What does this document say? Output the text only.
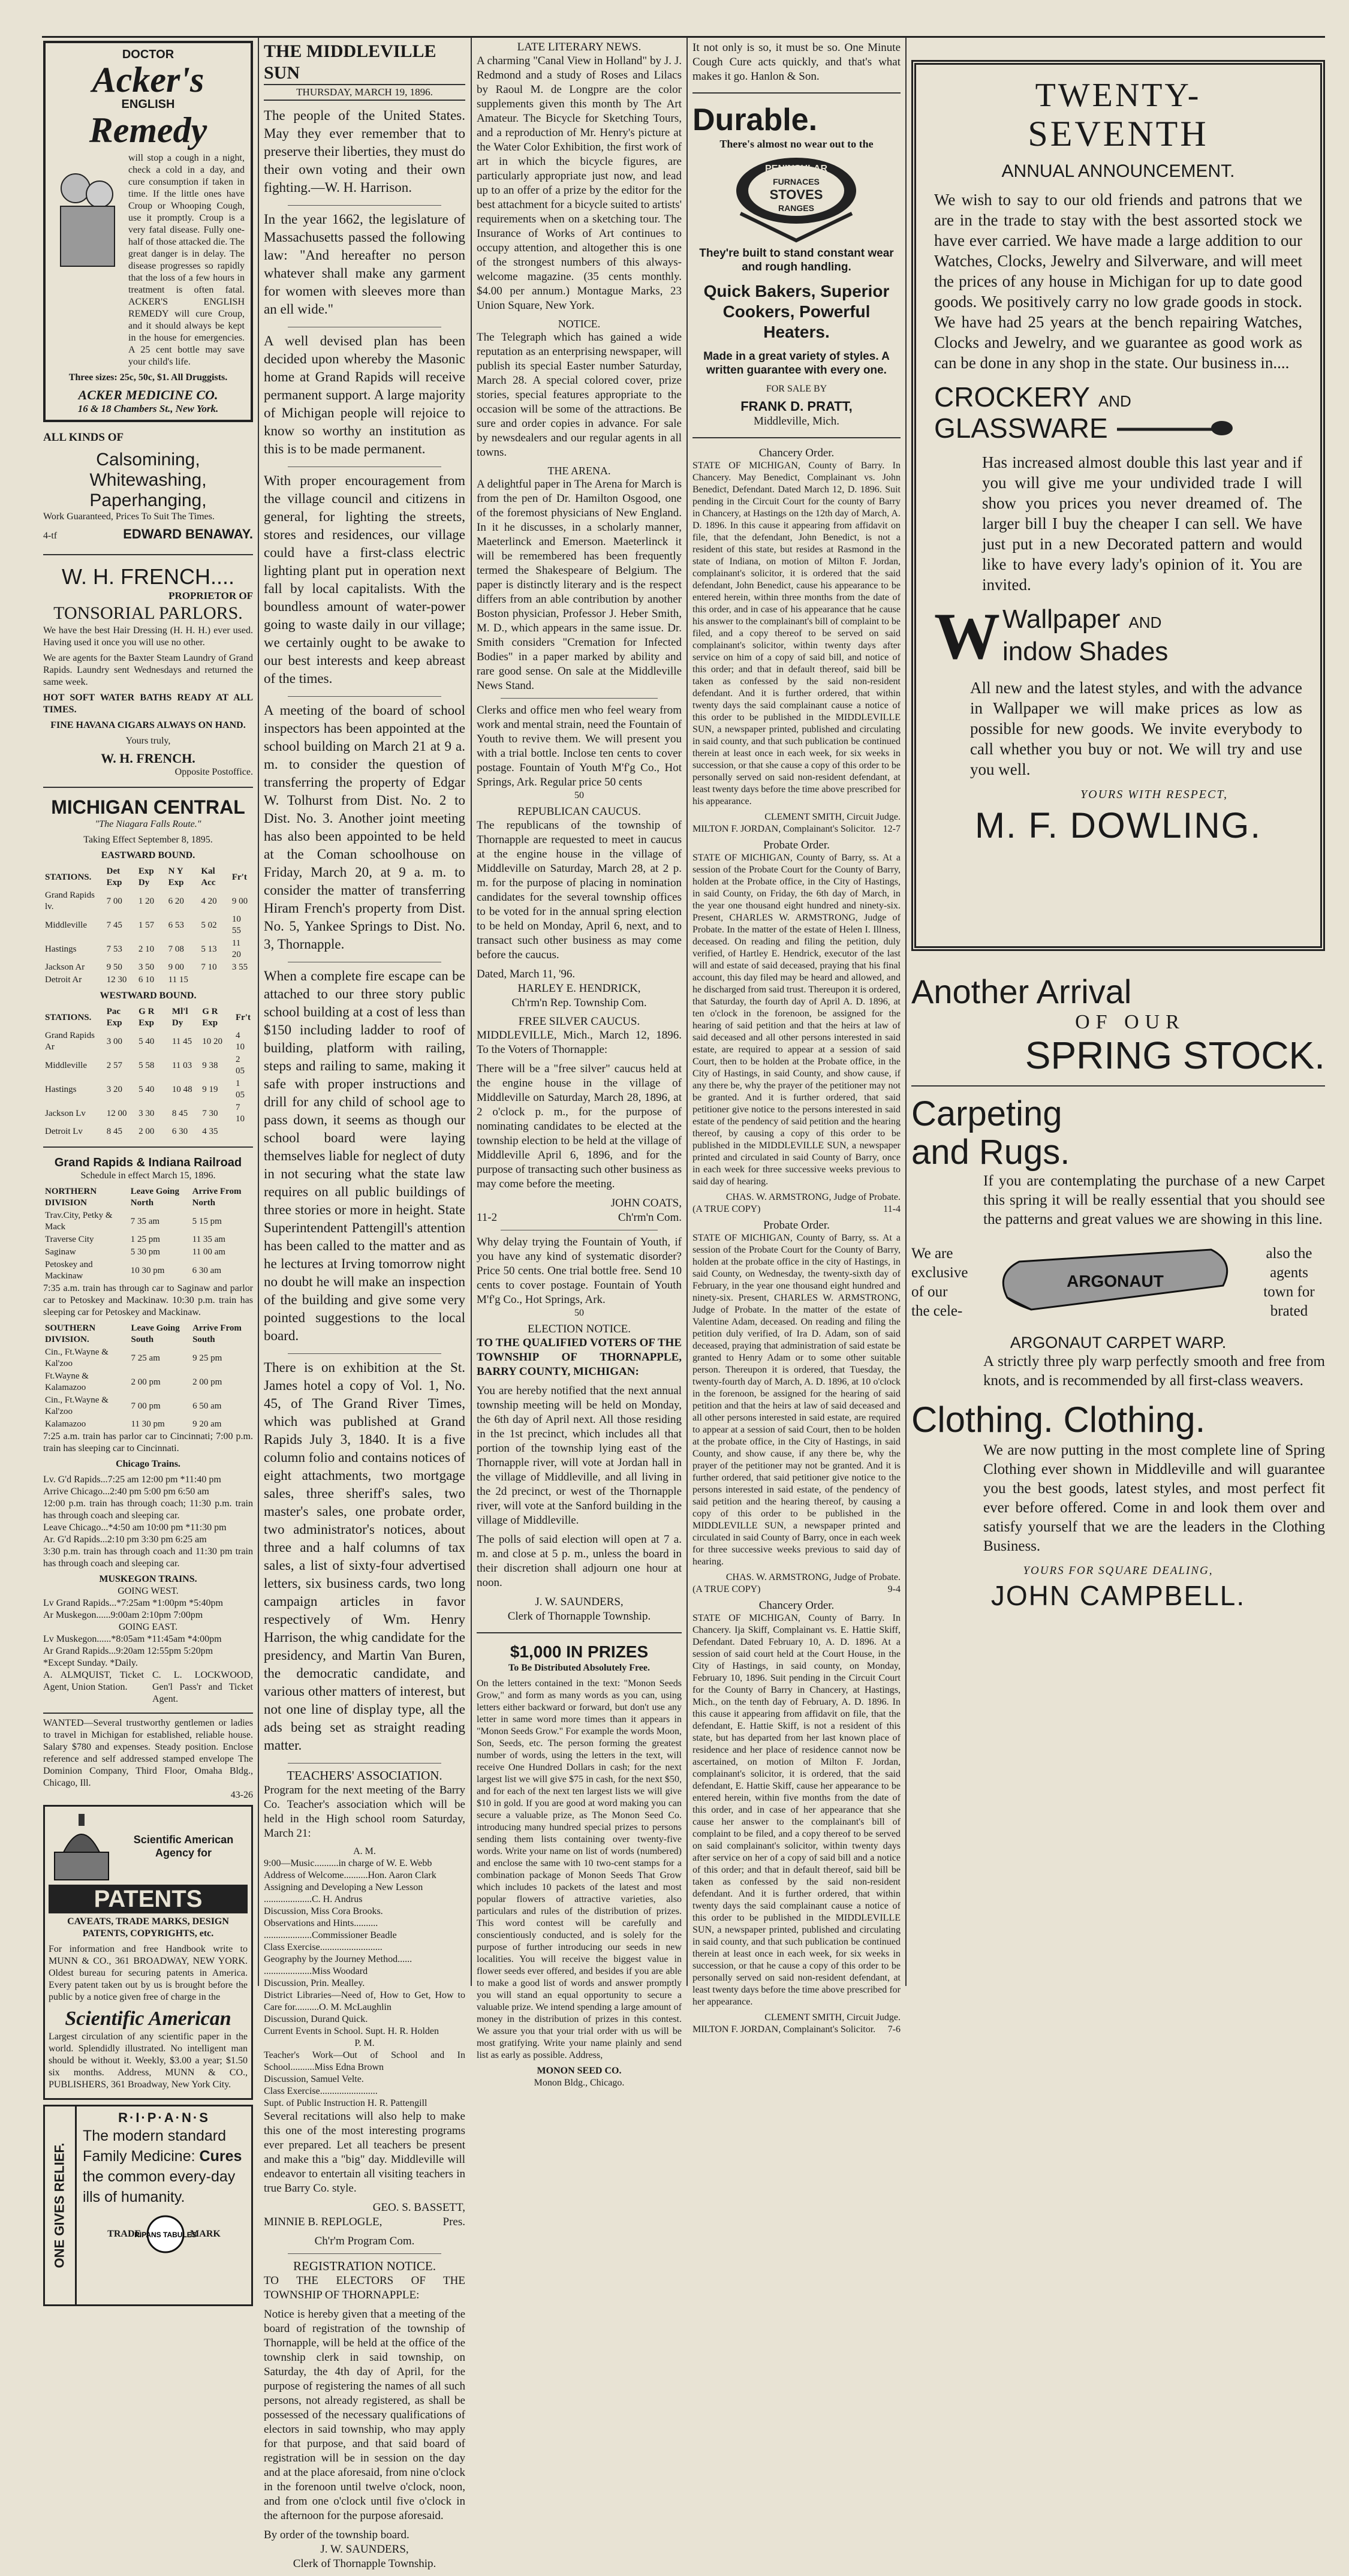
DOCTOR
Acker's
ENGLISH
Remedy

will stop a cough in a night, check a cold in a day, and cure consumption if taken in time. If the little ones have Croup or Whooping Cough, use it promptly. Croup is a very fatal disease. Fully one-half of those attacked die. The great danger is in delay. The disease progresses so rapidly that the loss of a few hours in treatment is often fatal. ACKER'S ENGLISH REMEDY will cure Croup, and it should always be kept in the house for emergencies. A 25 cent bottle may save your child's life.

Three sizes: 25c, 50c, $1. All Druggists.

ACKER MEDICINE CO.
16 & 18 Chambers St., New York.
ALL KINDS OF
Calsomining,
Whitewashing,
Paperhanging,
Work Guaranteed, Prices To Suit The Times.
4-tf	EDWARD BENAWAY.
W. H. FRENCH....
PROPRIETOR OF
TONSORIAL PARLORS.

We have the best Hair Dressing (H. H. H.) ever used. Having used it once you will use no other.

We are agents for the Baxter Steam Laundry of Grand Rapids. Laundry sent Wednesdays and returned the same week.

HOT SOFT WATER BATHS READY AT ALL TIMES.

FINE HAVANA CIGARS ALWAYS ON HAND.

Yours truly,
W. H. FRENCH.
Opposite Postoffice.
MICHIGAN CENTRAL
"The Niagara Falls Route."
Taking Effect September 8, 1895.
EASTWARD BOUND.
STATIONS.	Det Exp	Exp Dy	N Y Exp	Kal Acc	Fr't
Grand Rapids lv.	7 00	1 20	6 20	4 20	9 00
Middleville	7 45	1 57	6 53	5 02	10 55
Hastings	7 53	2 10	7 08	5 13	11 20
Jackson Ar	9 50	3 50	9 00	7 10	3 55
Detroit Ar	12 30	6 10	11 15		
WESTWARD BOUND.
STATIONS.	Pac Exp	G R Exp	Ml'l Dy	G R Exp	Fr't
Grand Rapids Ar	3 00	5 40	11 45	10 20	4 10
Middleville	2 57	5 58	11 03	9 38	2 05
Hastings	3 20	5 40	10 48	9 19	1 05
Jackson Lv	12 00	3 30	8 45	7 30	7 10
Detroit Lv	8 45	2 00	6 30	4 35	
Grand Rapids & Indiana Railroad
Schedule in effect March 15, 1896.
NORTHERN DIVISION	Leave Going North	Arrive From North
Trav.City, Petky & Mack	7 35 am	5 15 pm
Traverse City	1 25 pm	11 35 am
Saginaw	5 30 pm	11 00 am
Petoskey and Mackinaw	10 30 pm	6 30 am

7:35 a.m. train has through car to Saginaw and parlor car to Petoskey and Mackinaw. 10:30 p.m. train has sleeping car for Petoskey and Mackinaw.

SOUTHERN DIVISION.	Leave Going South	Arrive From South
Cin., Ft.Wayne & Kal'zoo	7 25 am	9 25 pm
Ft.Wayne & Kalamazoo	2 00 pm	2 00 pm
Cin., Ft.Wayne & Kal'zoo	7 00 pm	6 50 am
Kalamazoo	11 30 pm	9 20 am

7:25 a.m. train has parlor car to Cincinnati; 7:00 p.m. train has sleeping car to Cincinnati.

Chicago Trains.
Lv. G'd Rapids...7:25 am 12:00 pm *11:40 pm
Arrive Chicago...2:40 pm 5:00 pm 6:50 am
12:00 p.m. train has through coach; 11:30 p.m. train has through coach and sleeping car.
Leave Chicago...*4:50 am 10:00 pm *11:30 pm
Ar. G'd Rapids...2:10 pm 3:30 pm 6:25 am
3:30 p.m. train has through coach and 11:30 pm train has through coach and sleeping car.
MUSKEGON TRAINS.
GOING WEST.
Lv Grand Rapids...*7:25am *1:00pm *5:40pm
Ar Muskegon......9:00am 2:10pm 7:00pm
GOING EAST.
Lv Muskegon......*8:05am *11:45am *4:00pm
Ar Grand Rapids...9:20am 12:55pm 5:20pm
*Except Sunday. *Daily.
A. ALMQUIST, Ticket Agent, Union Station.
C. L. LOCKWOOD, Gen'l Pass'r and Ticket Agent.

WANTED—Several trustworthy gentlemen or ladies to travel in Michigan for established, reliable house. Salary $780 and expenses. Steady position. Enclose reference and self addressed stamped envelope The Dominion Company, Third Floor, Omaha Bldg., Chicago, Ill.

43-26
Scientific American Agency for
PATENTS
CAVEATS, TRADE MARKS, DESIGN PATENTS, COPYRIGHTS, etc.

For information and free Handbook write to MUNN & CO., 361 BROADWAY, NEW YORK. Oldest bureau for securing patents in America. Every patent taken out by us is brought before the public by a notice given free of charge in the

Scientific American

Largest circulation of any scientific paper in the world. Splendidly illustrated. No intelligent man should be without it. Weekly, $3.00 a year; $1.50 six months. Address, MUNN & CO., PUBLISHERS, 361 Broadway, New York City.

ONE GIVES RELIEF.
R·I·P·A·N·S
The modern standard Family Medicine: Cures the common every-day ills of humanity.
TRADE
RIPANS TABULES
MARK
THE MIDDLEVILLE SUN
THURSDAY, MARCH 19, 1896.

The people of the United States. May they ever remember that to preserve their liberties, they must do their own voting and their own fighting.—W. H. Harrison.

In the year 1662, the legislature of Massachusetts passed the following law: "And hereafter no person whatever shall make any garment for women with sleeves more than an ell wide."

A well devised plan has been decided upon whereby the Masonic home at Grand Rapids will receive permanent support. A large majority of Michigan people will rejoice to know so worthy an institution as this is to be made permanent.

With proper encouragement from the village council and citizens in general, for lighting the streets, stores and residences, our village could have a first-class electric lighting plant put in operation next fall by local capitalists. With the boundless amount of water-power going to waste daily in our village; we certainly ought to be awake to our best interests and keep abreast of the times.

A meeting of the board of school inspectors has been appointed at the school building on March 21 at 9 a. m. to consider the question of transferring the property of Edgar W. Tolhurst from Dist. No. 2 to Dist. No. 3. Another joint meeting has also been appointed to be held at the Coman schoolhouse on Friday, March 20, at 9 a. m. to consider the matter of transferring Hiram French's property from Dist. No. 5, Yankee Springs to Dist. No. 3, Thornapple.

When a complete fire escape can be attached to our three story public school building at a cost of less than $150 including ladder to roof of building, platform with railing, steps and railing to same, making it safe with proper instructions and drill for any child of school age to pass down, it seems as though our school board were laying themselves liable for neglect of duty in not securing what the state law requires on all public buildings of three stories or more in height. State Superintendent Pattengill's attention has been called to the matter and as he lectures at Irving tomorrow night no doubt he will make an inspection of the building and give some very pointed suggestions to the local board.

There is on exhibition at the St. James hotel a copy of Vol. 1, No. 45, of The Grand River Times, which was published at Grand Rapids July 3, 1840. It is a five column folio and contains notices of eight attachments, two mortgage sales, three sheriff's sales, two master's sales, one probate order, two administrator's notices, about three and a half columns of tax sales, a list of sixty-four advertised letters, six business cards, two long campaign articles in favor respectively of Wm. Henry Harrison, the whig candidate for the presidency, and Martin Van Buren, the democratic candidate, and various other matters of interest, but not one line of display type, all the ads being set as straight reading matter.

TEACHERS' ASSOCIATION.

Program for the next meeting of the Barry Co. Teacher's association which will be held in the High school room Saturday, March 21:

A. M.
9:00—Music..........in charge of W. E. Webb
Address of Welcome..........Hon. Aaron Clark
Assigning and Developing a New Lesson
....................C. H. Andrus
Discussion, Miss Cora Brooks.
Observations and Hints..........
....................Commissioner Beadle
Class Exercise..........................
Geography by the Journey Method......
....................Miss Woodard
Discussion, Prin. Mealley.
District Libraries—Need of, How to Get, How to Care for..........O. M. McLaughlin
Discussion, Durand Quick.
Current Events in School. Supt. H. R. Holden
P. M.
Teacher's Work—Out of School and In School..........Miss Edna Brown
Discussion, Samuel Velte.
Class Exercise........................
Supt. of Public Instruction H. R. Pattengill

Several recitations will also help to make this one of the most interesting programs ever prepared. Let all teachers be present and make this a "big" day. Middleville will endeavor to entertain all visiting teachers in true Barry Co. style.

GEO. S. BASSETT,
MINNIE B. REPLOGLE,	Pres.
Ch'r'm Program Com.
REGISTRATION NOTICE.
TO THE ELECTORS OF THE TOWNSHIP OF THORNAPPLE:

Notice is hereby given that a meeting of the board of registration of the township of Thornapple, will be held at the office of the township clerk in said township, on Saturday, the 4th day of April, for the purpose of registering the names of all such persons, not already registered, as shall be possessed of the necessary qualifications of electors in said township, who may apply for that purpose, and that said board of registration will be in session on the day and at the place aforesaid, from nine o'clock in the forenoon until twelve o'clock, noon, and from one o'clock until five o'clock in the afternoon for the purpose aforesaid.

By order of the township board.
J. W. SAUNDERS,
Clerk of Thornapple Township.
LATE LITERARY NEWS.

A charming "Canal View in Holland" by J. J. Redmond and a study of Roses and Lilacs by Raoul M. de Longpre are the color supplements given this month by The Art Amateur. The Bicycle for Sketching Tours, and a reproduction of Mr. Henry's picture at the Water Color Exhibition, the first work of art in which the bicycle figures, are particularly appropriate just now, and lead up to an offer of a prize by the editor for the best attachment for a bicycle suited to artists' requirements when on a sketching tour. The Insurance of Works of Art continues to occupy attention, and altogether this is one of the strongest numbers of this always-welcome magazine. (35 cents monthly. $4.00 per annum.) Montague Marks, 23 Union Square, New York.

NOTICE.

The Telegraph which has gained a wide reputation as an enterprising newspaper, will publish its special Easter number Saturday, March 28. A special colored cover, prize stories, special features appropriate to the occasion will be some of the attractions. Be sure and order copies in advance. For sale by newsdealers and our regular agents in all towns.

THE ARENA.

A delightful paper in The Arena for March is from the pen of Dr. Hamilton Osgood, one of the foremost physicians of New England. In it he discusses, in a scholarly manner, Maeterlinck and Emerson. Maeterlinck it will be remembered has been frequently termed the Shakespeare of Belgium. The paper is distinctly literary and is the respect differs from an able contribution by another Boston physician, Professor J. Heber Smith, M. D., which appears in the same issue. Dr. Smith considers "Cremation for Infected Bodies" in a paper marked by ability and rare good sense. On sale at the Middleville News Stand.

Clerks and office men who feel weary from work and mental strain, need the Fountain of Youth to revive them. We will present you with a trial bottle. Inclose ten cents to cover postage. Fountain of Youth M'f'g Co., Hot Springs, Ark. Regular price 50 cents

50
REPUBLICAN CAUCUS.

The republicans of the township of Thornapple are requested to meet in caucus at the engine house in the village of Middleville on Saturday, March 28, at 2 p. m. for the purpose of placing in nomination candidates for the several township offices to be voted for in the annual spring election to be held on Monday, April 6, next, and to transact such other business as may come before the caucus.

Dated, March 11, '96.
HARLEY E. HENDRICK,
Ch'rm'n Rep. Township Com.
FREE SILVER CAUCUS.

MIDDLEVILLE, Mich., March 12, 1896. To the Voters of Thornapple:

There will be a "free silver" caucus held at the engine house in the village of Middleville on Saturday, March 28, 1896, at 2 o'clock p. m., for the purpose of nominating candidates to be elected at the township election to be held at the village of Middleville April 6, 1896, and for the purpose of transacting such other business as may come before the meeting.

JOHN COATS,
11-2	Ch'rm'n Com.

Why delay trying the Fountain of Youth, if you have any kind of systematic disorder? Price 50 cents. One trial bottle free. Send 10 cents to cover postage. Fountain of Youth M'f'g Co., Hot Springs, Ark.

50
ELECTION NOTICE.
TO THE QUALIFIED VOTERS OF THE TOWNSHIP OF THORNAPPLE, BARRY COUNTY, MICHIGAN:

You are hereby notified that the next annual township meeting will be held on Monday, the 6th day of April next. All those residing in the 1st precinct, which includes all that portion of the township lying east of the Thornapple river, will vote at Jordan hall in the village of Middleville, and all living in the 2d precinct, or west of the Thornapple river, will vote at the Sanford building in the village of Middleville.

The polls of said election will open at 7 a. m. and close at 5 p. m., unless the board in their discretion shall adjourn one hour at noon.

J. W. SAUNDERS,
Clerk of Thornapple Township.
$1,000 IN PRIZES
To Be Distributed Absolutely Free.

On the letters contained in the text: "Monon Seeds Grow," and form as many words as you can, using letters either backward or forward, but don't use any letter in same word more times than it appears in "Monon Seeds Grow." For example the words Moon, Son, Seeds, etc. The person forming the greatest number of words, using the letters in the text, will receive One Hundred Dollars in cash; for the next largest list we will give $75 in cash, for the next $50, and for each of the next ten largest lists we will give $10 in gold. If you are good at word making you can secure a valuable prize, as The Monon Seed Co. introducing many hundred special prizes to persons sending them lists containing over twenty-five words. Write your name on list of words (numbered) and enclose the same with 10 two-cent stamps for a combination package of Monon Seeds That Grow which includes 10 packets of the latest and most popular flowers of attractive varieties, also particulars and rules of the distribution of prizes. This word contest will be carefully and conscientiously conducted, and is solely for the purpose of further introducing our seeds in new localities. You will receive the biggest value in flower seeds ever offered, and besides if you are able to make a good list of words and answer promptly you will stand an equal opportunity to secure a valuable prize. We intend spending a large amount of money in the distribution of prizes in this contest. We assure you that your trial order with us will be most gratifying. Write your name plainly and send list as early as possible. Address,

MONON SEED CO.
Monon Bldg., Chicago.

It not only is so, it must be so. One Minute Cough Cure acts quickly, and that's what makes it go. Hanlon & Son.

Durable.
There's almost no wear out to the
PENINSULAR
FURNACES
STOVES
RANGES
They're built to stand constant wear and rough handling.
Quick Bakers, Superior Cookers, Powerful Heaters.
Made in a great variety of styles. A written guarantee with every one.
FOR SALE BY
FRANK D. PRATT,
Middleville, Mich.
Chancery Order.

STATE OF MICHIGAN, County of Barry. In Chancery. May Benedict, Complainant vs. John Benedict, Defendant. Dated March 12, D. 1896. Suit pending in the Circuit Court for the county of Barry in Chancery, at Hastings on the 12th day of March, A. D. 1896. In this cause it appearing from affidavit on file, that the defendant, John Benedict, is not a resident of this state, but resides at Rasmond in the state of Indiana, on motion of Milton F. Jordan, complainant's solicitor, it is ordered that the said defendant, John Benedict, cause his appearance to be entered herein, within three months from the date of this order, and in case of his appearance that he cause his answer to the complainant's bill of complaint to be filed, and a copy thereof to be served on said complainant's solicitor, within twenty days after service on him of a copy of said bill, and notice of this order; and that in default thereof, said bill be taken as confessed by the said non-resident defendant. And it is further ordered, that within twenty days the said complainant cause a notice of this order to be published in the MIDDLEVILLE SUN, a newspaper printed, published and circulating in said county, and that such publication be continued therein at least once in each week, for six weeks in succession, or that she cause a copy of this order to be personally served on said non-resident defendant, at least twenty days before the time above prescribed for his appearance.

CLEMENT SMITH, Circuit Judge.
MILTON F. JORDAN, Complainant's Solicitor. 12-7
Probate Order.

STATE OF MICHIGAN, County of Barry, ss. At a session of the Probate Court for the County of Barry, holden at the Probate office, in the City of Hastings, in said County, on Friday, the 6th day of March, in the year one thousand eight hundred and ninety-six. Present, CHARLES W. ARMSTRONG, Judge of Probate. In the matter of the estate of Helen I. Illness, deceased. On reading and filing the petition, duly verified, of Hartley E. Hendrick, executor of the last will and estate of said deceased, praying that his final account, this day filed may be heard and allowed, and he discharged from said trust. Thereupon it is ordered, that Saturday, the fourth day of April A. D. 1896, at ten o'clock in the forenoon, be assigned for the hearing of said petition and that the heirs at law of said deceased and all other persons interested in said estate, are required to appear at a session of said Court, then to be holden at the Probate office, in the City of Hastings, in said County, and show cause, if any there be, why the prayer of the petitioner may not be granted. And it is further ordered, that said petitioner give notice to the persons interested in said estate of the pendency of said petition and the hearing thereof, by causing a copy of this order to be published in the MIDDLEVILLE SUN, a newspaper printed and circulated in said County of Barry, once in each week for three successive weeks previous to said day of hearing.

CHAS. W. ARMSTRONG, Judge of Probate.
(A TRUE COPY)	11-4
Probate Order.

STATE OF MICHIGAN, County of Barry, ss. At a session of the Probate Court for the County of Barry, holden at the probate office in the city of Hastings, in said County, on Wednesday, the twenty-sixth day of February, in the year one thousand eight hundred and ninety-six. Present, CHARLES W. ARMSTRONG, Judge of Probate. In the matter of the estate of Valentine Adam, deceased. On reading and filing the petition duly verified, of Ira D. Adam, son of said deceased, praying that administration of said estate be granted to Henry Adam or to some other suitable person. Thereupon it is ordered, that Tuesday, the twenty-fourth day of March, A. D. 1896, at 10 o'clock in the forenoon, be assigned for the hearing of said petition and that the heirs at law of said deceased and all other persons interested in said estate, are required to appear at a session of said Court, then to be holden at the probate office, in the City of Hastings, in said County, and show cause, if any there be, why the prayer of the petitioner may not be granted. And it is further ordered, that said petitioner give notice to the persons interested in said estate, of the pendency of said petition and the hearing thereof, by causing a copy of this order to be published in the MIDDLEVILLE SUN, a newspaper printed and circulated in said County of Barry, once in each week for three successive weeks previous to said day of hearing.

CHAS. W. ARMSTRONG, Judge of Probate.
(A TRUE COPY)	9-4
Chancery Order.

STATE OF MICHIGAN, County of Barry. In Chancery. Ija Skiff, Complainant vs. E. Hattie Skiff, Defendant. Dated February 10, A. D. 1896. At a session of said court held at the Court House, in the City of Hastings, in said county, on Monday, February 10, 1896. Suit pending in the Circuit Court for the County of Barry in Chancery, at Hastings, Mich., on the tenth day of February, A. D. 1896. In this cause it appearing from affidavit on file, that the defendant, E. Hattie Skiff, is not a resident of this state, but has departed from her last known place of residence and her place of residence cannot now be ascertained, on motion of Milton F. Jordan, complainant's solicitor, it is ordered, that the said defendant, E. Hattie Skiff, cause her appearance to be entered herein, within five months from the date of this order, and in case of her appearance that she cause her answer to the complainant's bill of complaint to be filed, and a copy thereof to be served on said complainant's solicitor, within twenty days after service on her of a copy of said bill and a notice of this order; and that in default thereof, said bill be taken as confessed by the said non-resident defendant. And it is further ordered, that within twenty days the said complainant cause a notice of this order to be published in the MIDDLEVILLE SUN, a newspaper printed, published and circulating in said county, and that such publication be continued therein at least once in each week, for six weeks in succession, or that he cause a copy of this order to be personally served on said non-resident defendant, at least twenty days before the time above prescribed for her appearance.

CLEMENT SMITH, Circuit Judge.
MILTON F. JORDAN, Complainant's Solicitor. 7-6
TWENTY-
SEVENTH
ANNUAL ANNOUNCEMENT.

We wish to say to our old friends and patrons that we are in the trade to stay with the best assorted stock we have ever carried. We have made a large addition to our Watches, Clocks, Jewelry and Silverware, and will meet the prices of any house in Michigan for up to date good goods. We positively carry no low grade goods in stock. We have had 25 years at the bench repairing Watches, Clocks and Jewelry, and we guarantee as good work as can be done in any shop in the state. Our business in....

CROCKERY AND
GLASSWARE

Has increased almost double this last year and if you will give me your undivided trade I will show you prices you never dreamed of. The larger bill I buy the cheaper I can sell. We have just put in a new Decorated pattern and would like to have every lady's opinion of it. You are invited.

W Wallpaper AND
indow Shades

All new and the latest styles, and with the advance in Wallpaper we will make prices as low as possible for new goods. We invite everybody to call whether you buy or not. We will try and use you well.

YOURS WITH RESPECT,
M. F. DOWLING.
Another Arrival
OF OUR
SPRING STOCK.
Carpeting
and Rugs.

If you are contemplating the purchase of a new Carpet this spring it will be really essential that you should see the patterns and great values we are showing in this line.

We are exclusive
of our
the cele-
ARGONAUT
also the agents town for brated
ARGONAUT CARPET WARP.

A strictly three ply warp perfectly smooth and free from knots, and is recommended by all first-class weavers.

Clothing. Clothing.

We are now putting in the most complete line of Spring Clothing ever shown in Middleville and will guarantee you the best goods, latest styles, and most perfect fit ever before offered. Come in and look them over and satisfy yourself that we are the leaders in the Clothing Business.

YOURS FOR SQUARE DEALING,
JOHN CAMPBELL.
